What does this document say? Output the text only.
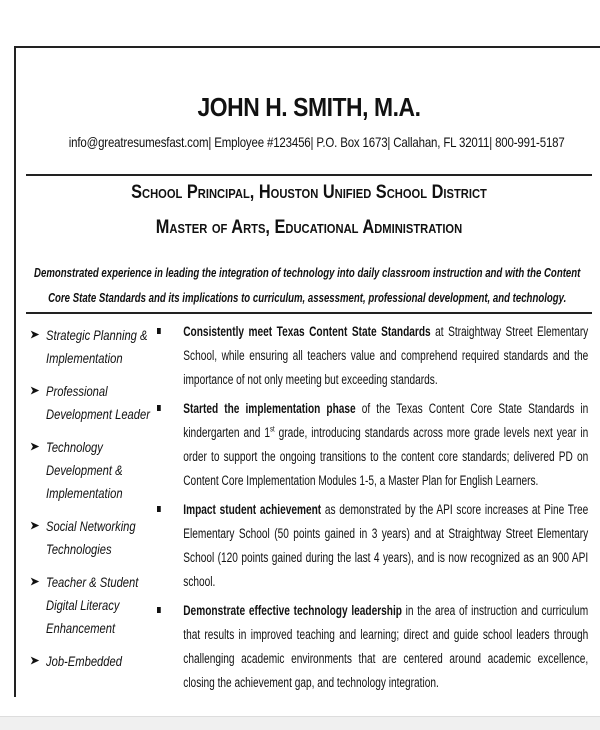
JOHN H. SMITH, M.A.
info@greatresumesfast.com| Employee #123456| P.O. Box 1673| Callahan, FL 32011| 800-991-5187
School Principal, Houston Unified School District
Master of Arts, Educational Administration
Demonstrated experience in leading the integration of technology into daily classroom instruction and with the Content Core State Standards and its implications to curriculum, assessment, professional development, and technology.
➤ Strategic Planning & Implementation
➤ Professional Development Leader
➤ Technology Development & Implementation
➤ Social Networking Technologies
➤ Teacher & Student Digital Literacy Enhancement
➤ Job-Embedded
Consistently meet Texas Content State Standards at Straightway Street Elementary School, while ensuring all teachers value and comprehend required standards and the importance of not only meeting but exceeding standards.
Started the implementation phase of the Texas Content Core State Standards in kindergarten and 1st grade, introducing standards across more grade levels next year in order to support the ongoing transitions to the content core standards; delivered PD on Content Core Implementation Modules 1-5, a Master Plan for English Learners.
Impact student achievement as demonstrated by the API score increases at Pine Tree Elementary School (50 points gained in 3 years) and at Straightway Street Elementary School (120 points gained during the last 4 years), and is now recognized as an 900 API school.
Demonstrate effective technology leadership in the area of instruction and curriculum that results in improved teaching and learning; direct and guide school leaders through challenging academic environments that are centered around academic excellence, closing the achievement gap, and technology integration.
